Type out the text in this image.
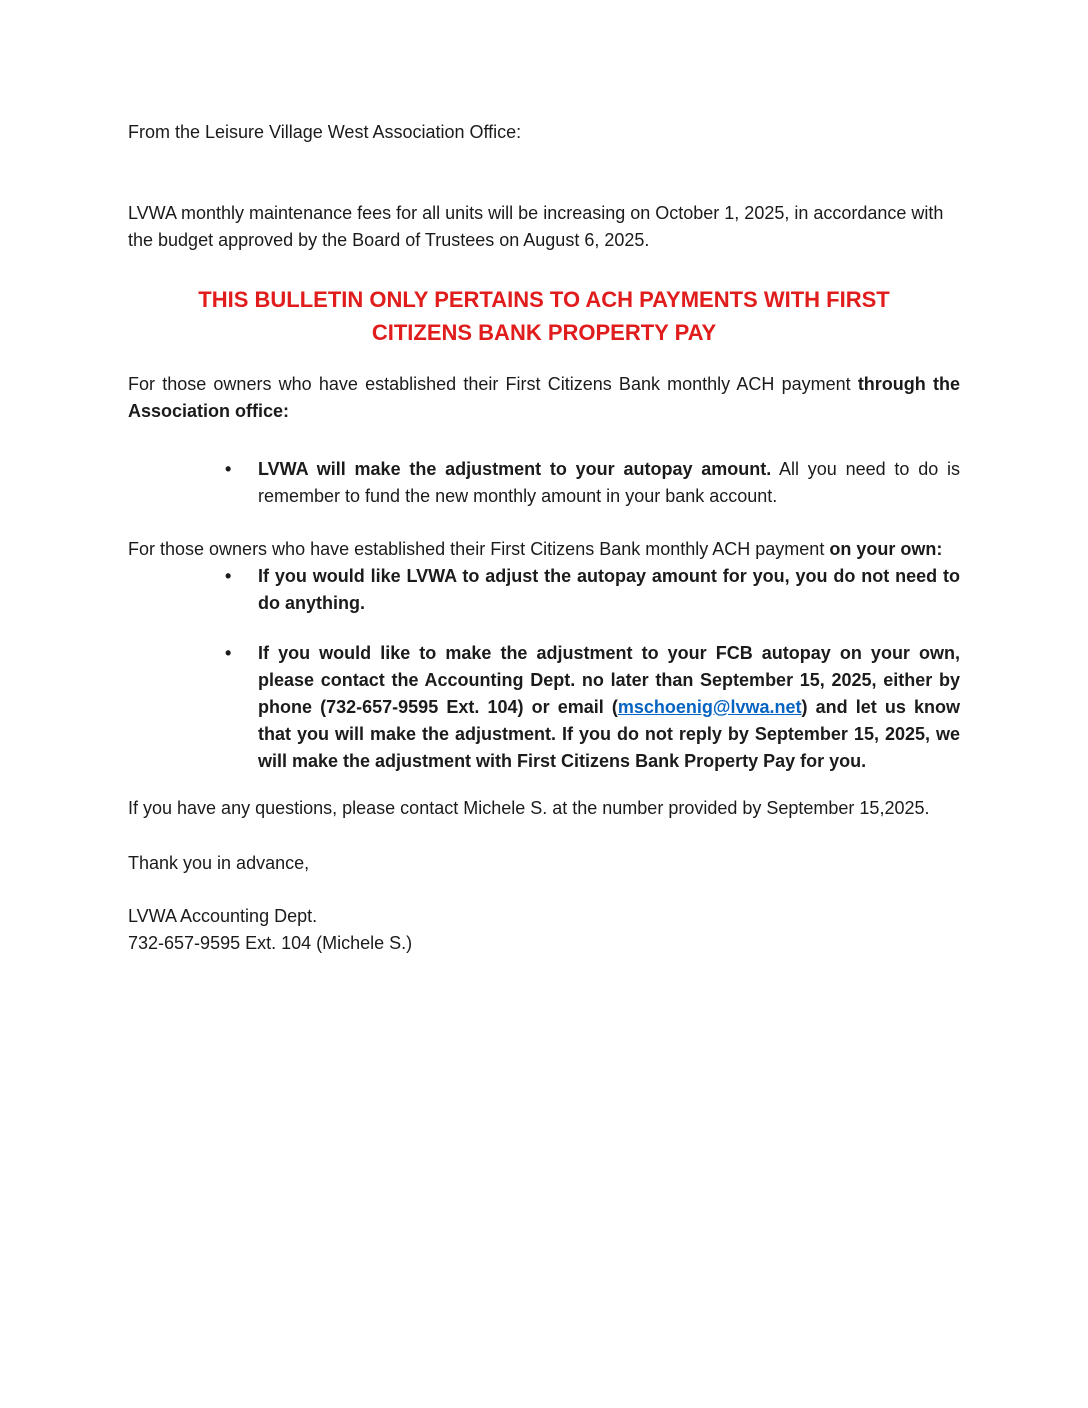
From the Leisure Village West Association Office:

LVWA monthly maintenance fees for all units will be increasing on October 1, 2025, in accordance with the budget approved by the Board of Trustees on August 6, 2025.

THIS BULLETIN ONLY PERTAINS TO ACH PAYMENTS WITH FIRST
CITIZENS BANK PROPERTY PAY

For those owners who have established their First Citizens Bank monthly ACH payment through the Association office:

• LVWA will make the adjustment to your autopay amount. All you need to do is remember to fund the new monthly amount in your bank account.

For those owners who have established their First Citizens Bank monthly ACH payment on your own:

• If you would like LVWA to adjust the autopay amount for you, you do not need to do anything.
• If you would like to make the adjustment to your FCB autopay on your own, please contact the Accounting Dept. no later than September 15, 2025, either by phone (732-657-9595 Ext. 104) or email (mschoenig@lvwa.net) and let us know that you will make the adjustment. If you do not reply by September 15, 2025, we will make the adjustment with First Citizens Bank Property Pay for you.

If you have any questions, please contact Michele S. at the number provided by September 15,2025.

Thank you in advance,

LVWA Accounting Dept.

732-657-9595 Ext. 104 (Michele S.)
